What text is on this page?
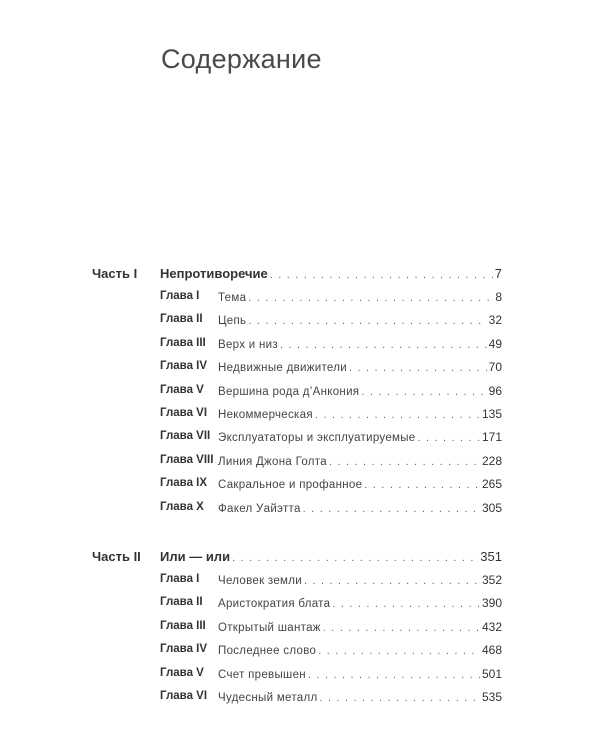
Содержание
Часть I Непротиворечие . . .	7
Глава I Тема . . .	8
Глава II Цепь . . .	32
Глава III Верх и низ . . .	49
Глава IV Недвижные движители . . .	70
Глава V Вершина рода д’Анкония . . .	96
Глава VI Некоммерческая . . .	135
Глава VII Эксплуататоры и эксплуатируемые . . .	171
Глава VIII Линия Джона Голта . . .	228
Глава IX Сакральное и профанное . . .	265
Глава X Факел Уайэтта . . .	305
Часть II Или — или . . .	351
Глава I Человек земли . . .	352
Глава II Аристократия блата . . .	390
Глава III Открытый шантаж . . .	432
Глава IV Последнее слово . . .	468
Глава V Счет превышен . . .	501
Глава VI Чудесный металл . . .	535
